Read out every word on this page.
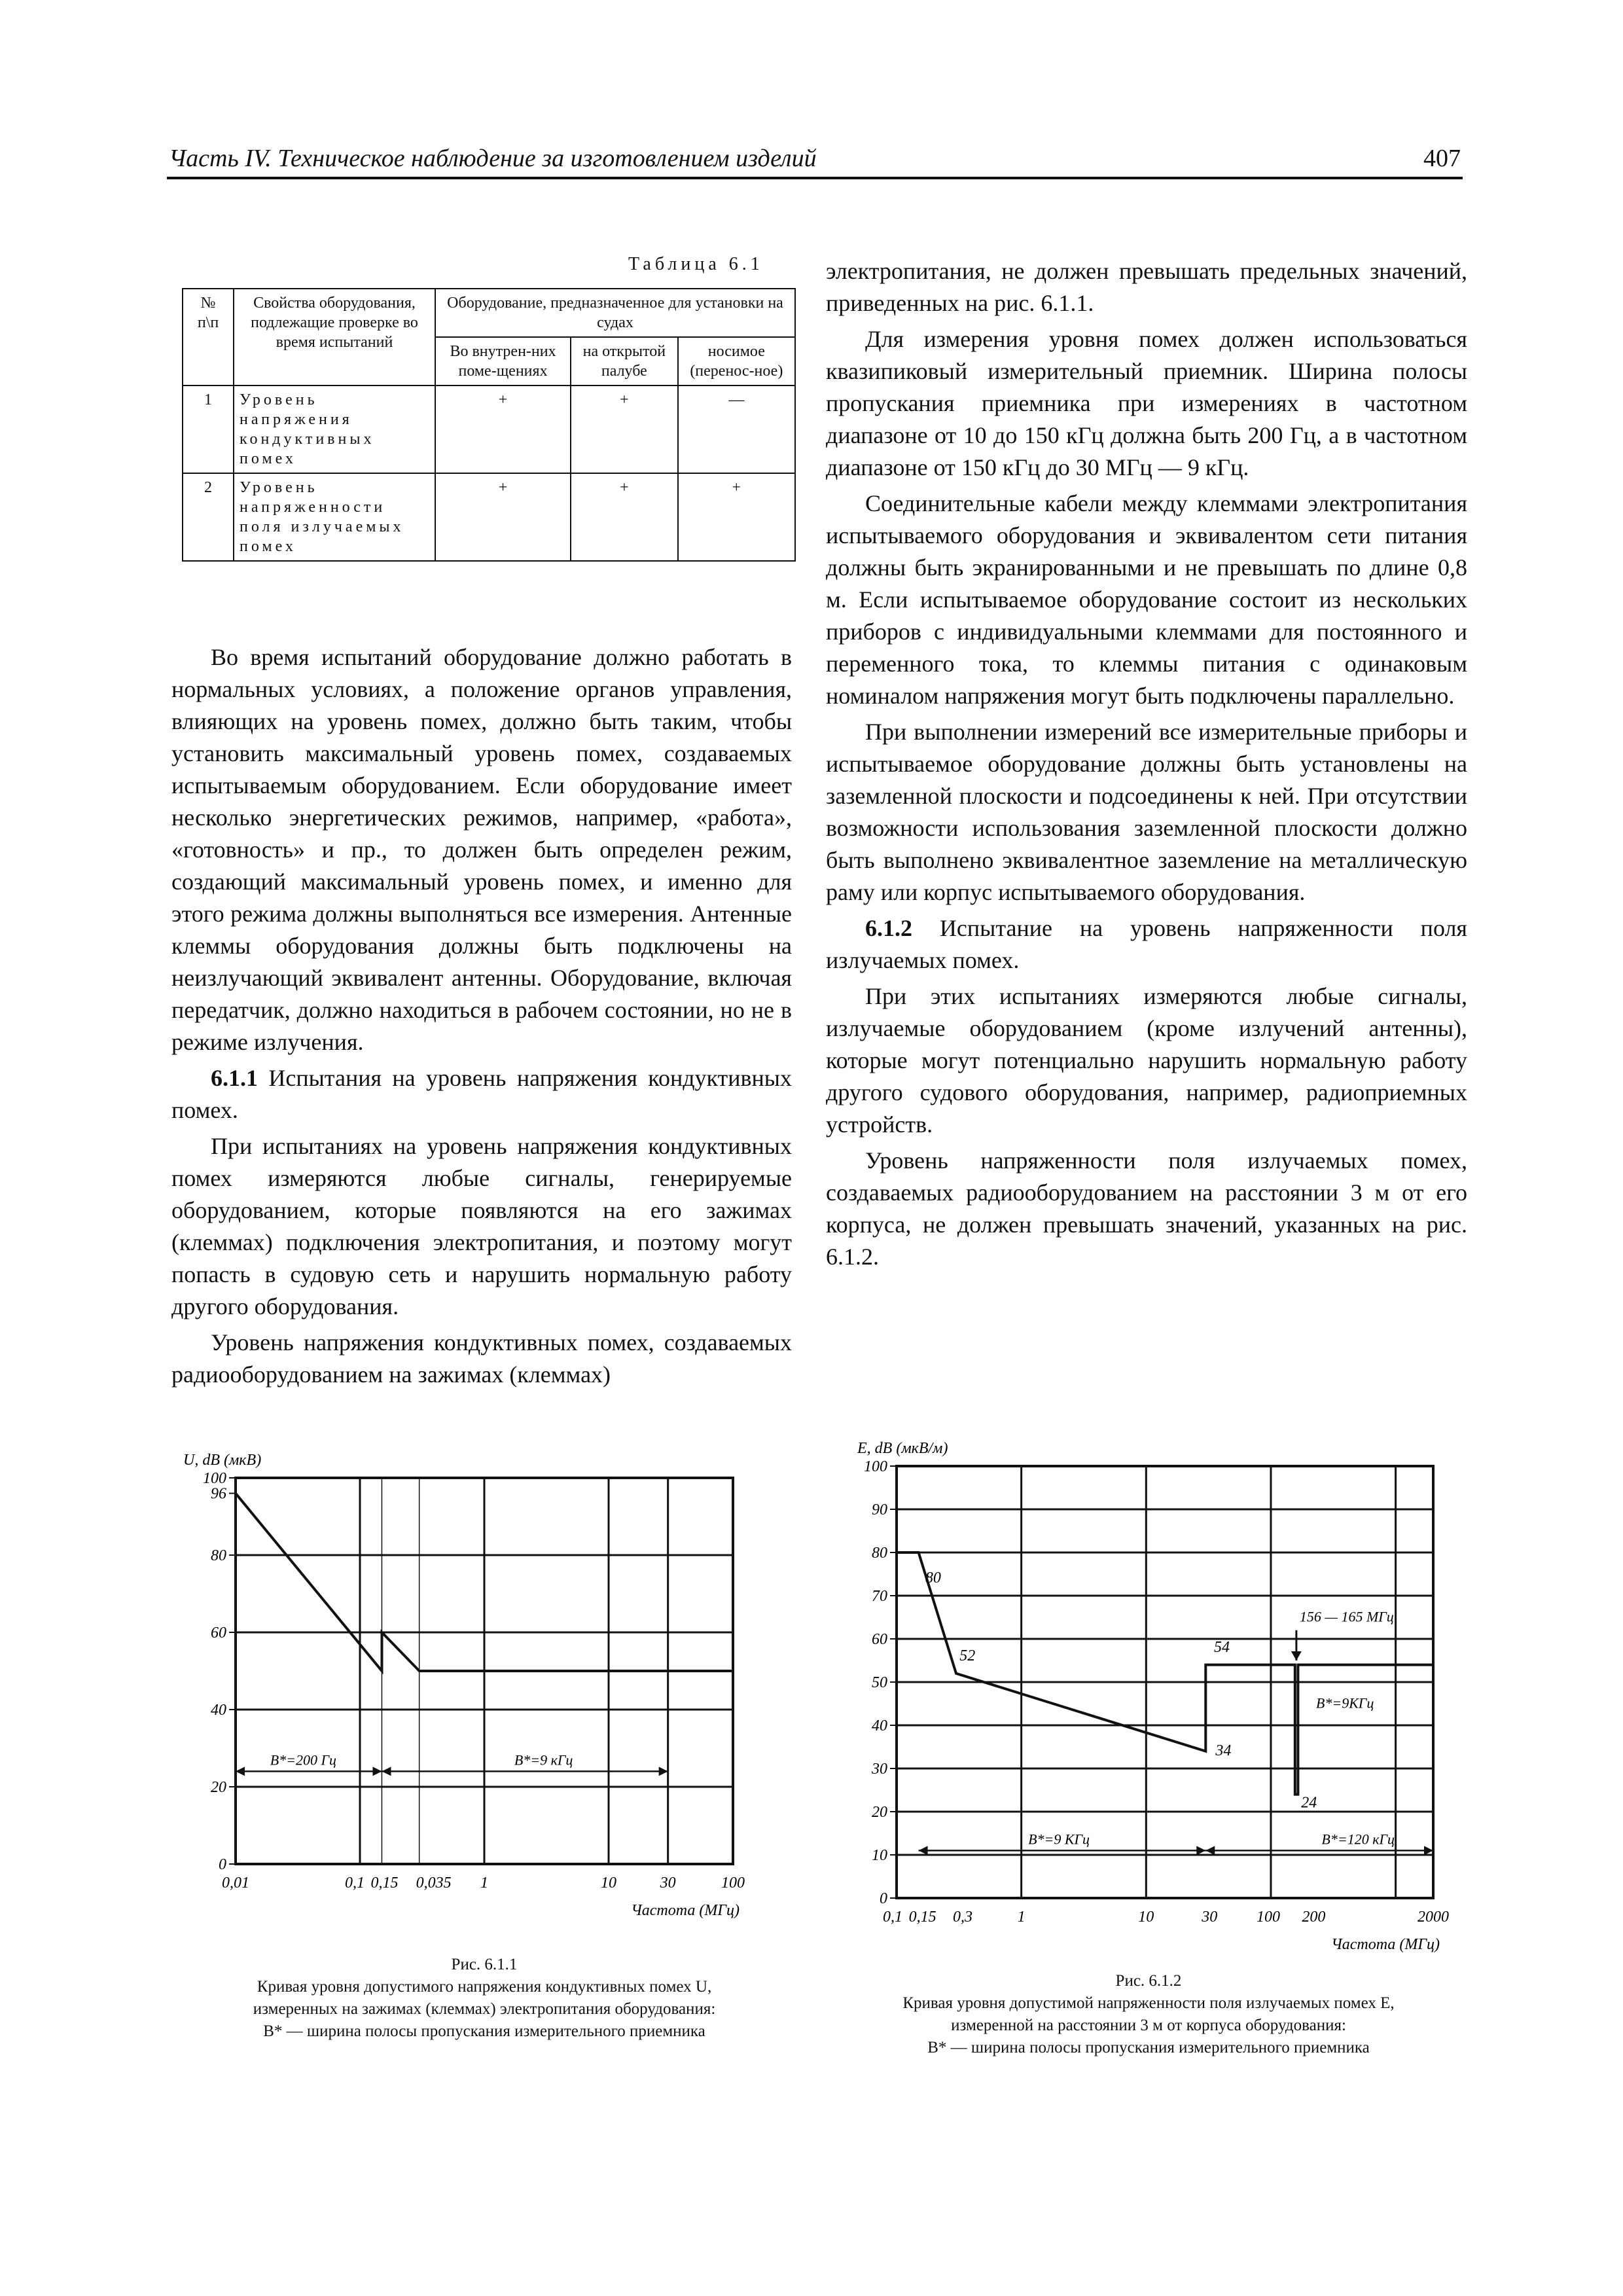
Часть IV. Техническое наблюдение за изготовлением изделий	407
Таблица 6.1
№ п\п	Свойства оборудования, подлежащие проверке во время испытаний	Оборудование, предназначенное для установки на судах		
		Во внутрен-них поме-щениях	на открытой палубе	носимое (перенос-ное)
1	Уровень напряжения кондуктивных помех	+	+	—
2	Уровень напряженности поля излучаемых помех	+	+	+

Во время испытаний оборудование должно работать в нормальных условиях, а положение органов управления, влияющих на уровень помех, должно быть таким, чтобы установить максимальный уровень помех, создаваемых испытываемым оборудованием. Если оборудование имеет несколько энергетических режимов, например, «работа», «готовность» и пр., то должен быть определен режим, создающий максимальный уровень помех, и именно для этого режима должны выполняться все измерения. Антенные клеммы оборудования должны быть подключены на неизлучающий эквивалент антенны. Оборудование, включая передатчик, должно находиться в рабочем состоянии, но не в режиме излучения.

6.1.1 Испытания на уровень напряжения кондуктивных помех.

При испытаниях на уровень напряжения кондуктивных помех измеряются любые сигналы, генерируемые оборудованием, которые появляются на его зажимах (клеммах) подключения электропитания, и поэтому могут попасть в судовую сеть и нарушить нормальную работу другого оборудования.

Уровень напряжения кондуктивных помех, создаваемых радиооборудованием на зажимах (клеммах)

электропитания, не должен превышать предельных значений, приведенных на рис. 6.1.1.

Для измерения уровня помех должен использоваться квазипиковый измерительный приемник. Ширина полосы пропускания приемника при измерениях в частотном диапазоне от 10 до 150 кГц должна быть 200 Гц, а в частотном диапазоне от 150 кГц до 30 МГц — 9 кГц.

Соединительные кабели между клеммами электропитания испытываемого оборудования и эквивалентом сети питания должны быть экранированными и не превышать по длине 0,8 м. Если испытываемое оборудование состоит из нескольких приборов с индивидуальными клеммами для постоянного и переменного тока, то клеммы питания с одинаковым номиналом напряжения могут быть подключены параллельно.

При выполнении измерений все измерительные приборы и испытываемое оборудование должны быть установлены на заземленной плоскости и подсоединены к ней. При отсутствии возможности использования заземленной плоскости должно быть выполнено эквивалентное заземление на металлическую раму или корпус испытываемого оборудования.

6.1.2 Испытание на уровень напряженности поля излучаемых помех.

При этих испытаниях измеряются любые сигналы, излучаемые оборудованием (кроме излучений антенны), которые могут потенциально нарушить нормальную работу другого судового оборудования, например, радиоприемных устройств.

Уровень напряженности поля излучаемых помех, создаваемых радиооборудованием на расстоянии 3 м от его корпуса, не должен превышать значений, указанных на рис. 6.1.2.

U, dB (мкВ)
Частота (МГц)
0
20
40
60
80
96
100
0,01	0,1 0,15 0,035 1	10	30	100
B*=200 Гц	B*=9 кГц
Рис. 6.1.1
Кривая уровня допустимого напряжения кондуктивных помех U,
измеренных на зажимах (клеммах) электропитания оборудования:
B* — ширина полосы пропускания измерительного приемника
E, dB (мкВ/м)
Частота (МГц)
0
10
20
30
40
50
60
70
80
90
100
0,1 0,15 0,3	1	10	30 100 200	2000
80
52
34
54
24
156 — 165 МГц
B*=9КГц
B*=9 КГц	B*=120 кГц
Рис. 6.1.2
Кривая уровня допустимой напряженности поля излучаемых помех E,
измеренной на расстоянии 3 м от корпуса оборудования:
B* — ширина полосы пропускания измерительного приемника
